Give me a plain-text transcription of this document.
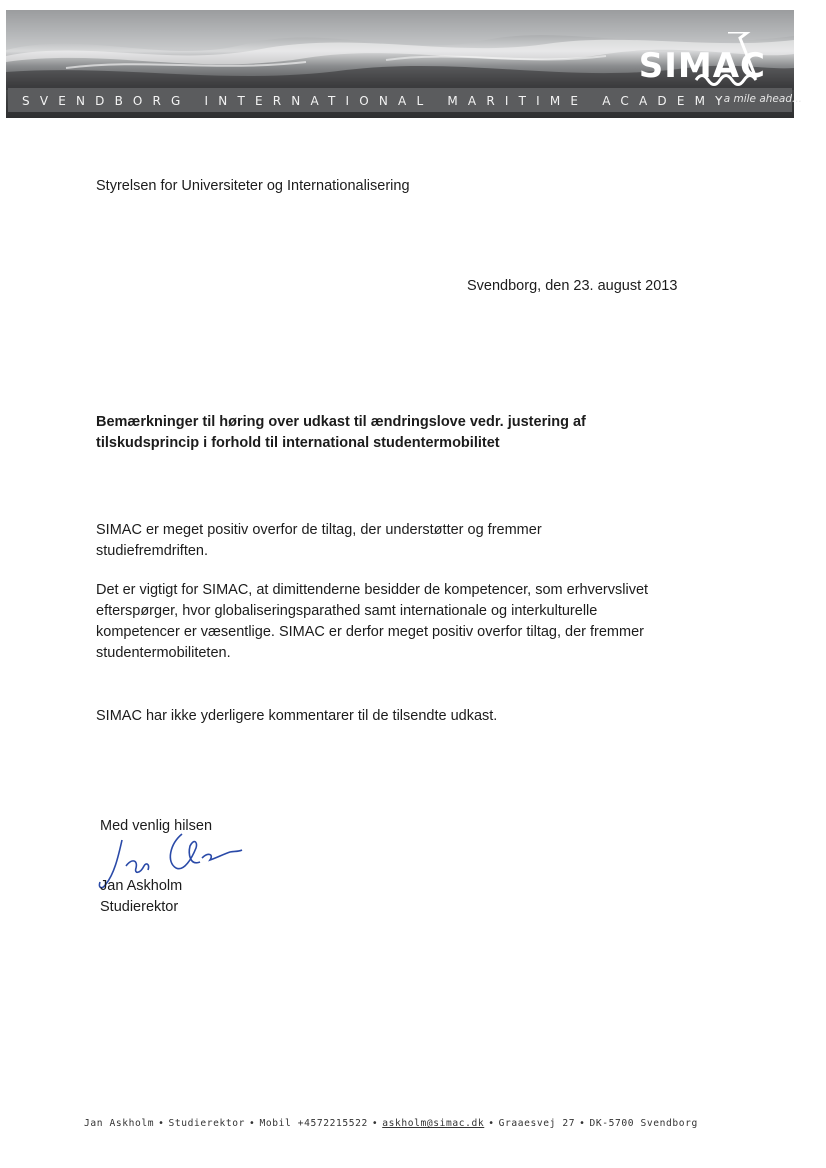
SIMAC
SVENDBORG INTERNATIONAL MARITIME ACADEMY
- a mile ahead...
Styrelsen for Universiteter og Internationalisering
Svendborg, den 23. august 2013
Bemærkninger til høring over udkast til ændringslove vedr. justering af
tilskudsprincip i forhold til international studentermobilitet
SIMAC er meget positiv overfor de tiltag, der understøtter og fremmer
studiefremdriften.
Det er vigtigt for SIMAC, at dimittenderne besidder de kompetencer, som erhvervslivet
efterspørger, hvor globaliseringsparathed samt internationale og interkulturelle
kompetencer er væsentlige. SIMAC er derfor meget positiv overfor tiltag, der fremmer
studentermobiliteten.
SIMAC har ikke yderligere kommentarer til de tilsendte udkast.
Med venlig hilsen
Jan Askholm
Studierektor
Jan Askholm • Studierektor • Mobil +4572215522 • askholm@simac.dk • Graaesvej 27 • DK-5700 Svendborg
